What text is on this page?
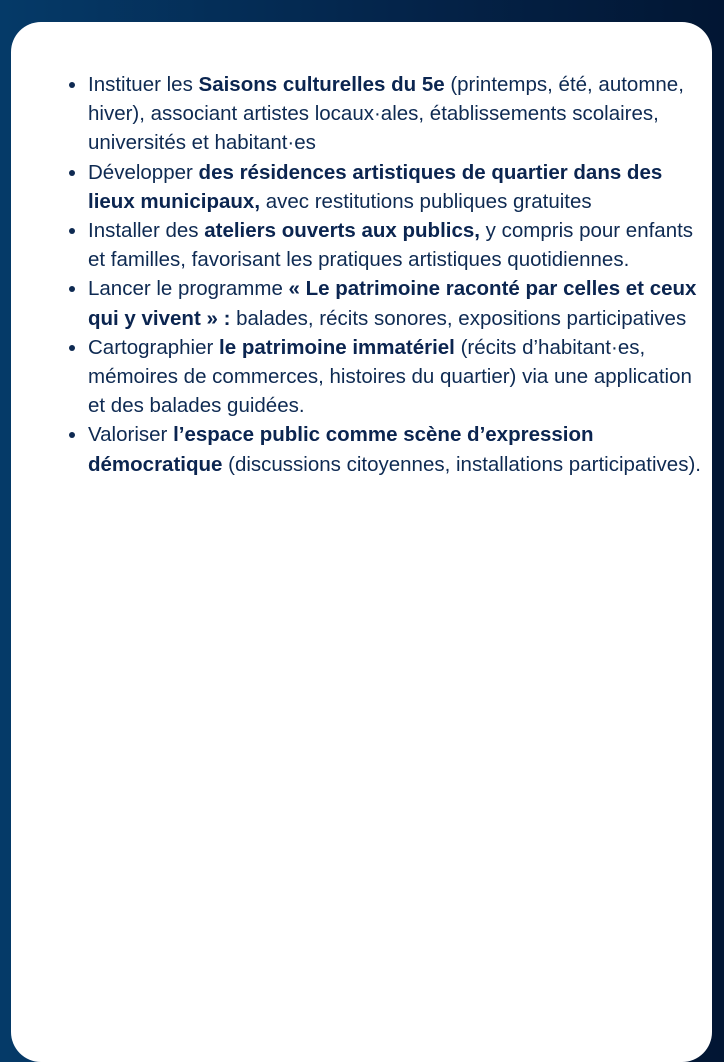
Instituer les Saisons culturelles du 5e (printemps, été, automne, hiver), associant artistes locaux·ales, établissements scolaires, universités et habitant·es
Développer des résidences artistiques de quartier dans des lieux municipaux, avec restitutions publiques gratuites
Installer des ateliers ouverts aux publics, y compris pour enfants et familles, favorisant les pratiques artistiques quotidiennes.
Lancer le programme « Le patrimoine raconté par celles et ceux qui y vivent » : balades, récits sonores, expositions participatives
Cartographier le patrimoine immatériel (récits d’habitant·es, mémoires de commerces, histoires du quartier) via une application et des balades guidées.
Valoriser l’espace public comme scène d’expression démocratique (discussions citoyennes, installations participatives).
